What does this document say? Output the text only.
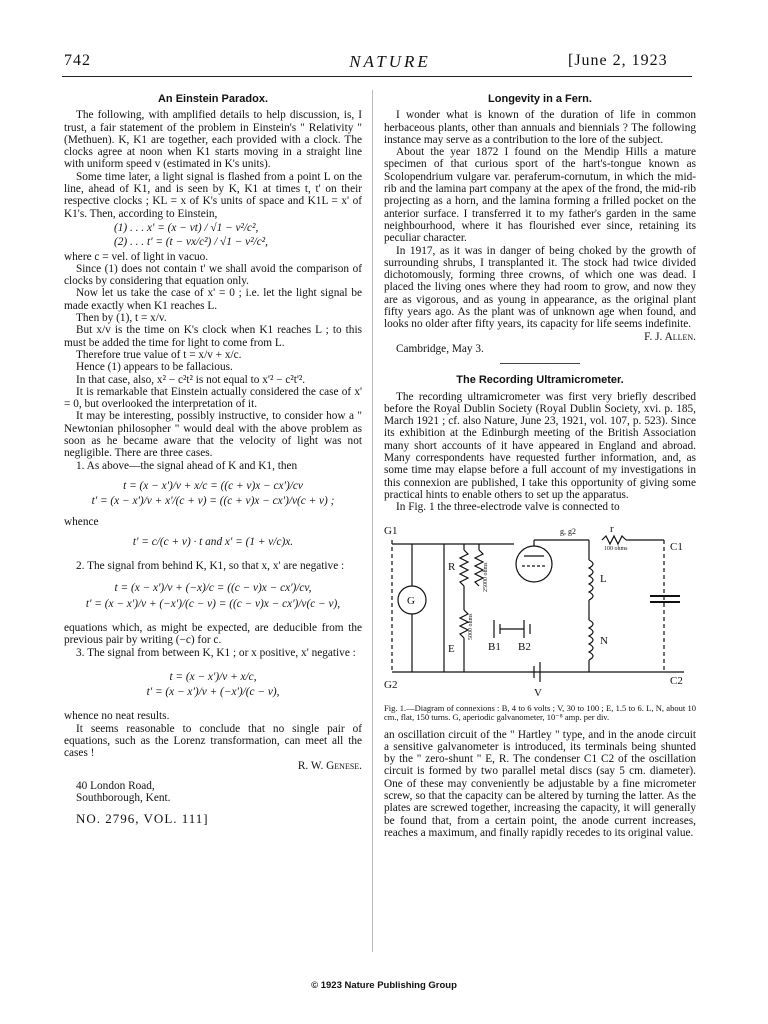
742	NATURE	[June 2, 1923
An Einstein Paradox.

The following, with amplified details to help discussion, is, I trust, a fair statement of the problem in Einstein's " Relativity " (Methuen). K, K1 are together, each provided with a clock. The clocks agree at noon when K1 starts moving in a straight line with uniform speed v (estimated in K's units).

Some time later, a light signal is flashed from a point L on the line, ahead of K1, and is seen by K, K1 at times t, t' on their respective clocks ; KL = x of K's units of space and K1L = x' of K1's. Then, according to Einstein,

(1) . . . x' = (x − vt) / √1 − v²/c²,
(2) . . . t' = (t − vx/c²) / √1 − v²/c²,

where c = vel. of light in vacuo.

Since (1) does not contain t' we shall avoid the comparison of clocks by considering that equation only.

Now let us take the case of x' = 0 ; i.e. let the light signal be made exactly when K1 reaches L.

Then by (1), t = x/v.

But x/v is the time on K's clock when K1 reaches L ; to this must be added the time for light to come from L.

Therefore true value of t = x/v + x/c.

Hence (1) appears to be fallacious.

In that case, also, x² − c²t² is not equal to x'² − c²t'².

It is remarkable that Einstein actually considered the case of x' = 0, but overlooked the interpretation of it.

It may be interesting, possibly instructive, to consider how a " Newtonian philosopher " would deal with the above problem as soon as he became aware that the velocity of light was not negligible. There are three cases.

1. As above—the signal ahead of K and K1, then

t = (x − x')/v + x/c = ((c + v)x − cx')/cv
t' = (x − x')/v + x'/(c + v) = ((c + v)x − cx')/v(c + v) ;

whence

t' = c/(c + v) · t and x' = (1 + v/c)x.

2. The signal from behind K, K1, so that x, x' are negative :

t = (x − x')/v + (−x)/c = ((c − v)x − cx')/cv,
t' = (x − x')/v + (−x')/(c − v) = ((c − v)x − cx')/v(c − v),

equations which, as might be expected, are deducible from the previous pair by writing (−c) for c.

3. The signal from between K, K1 ; or x positive, x' negative :

t = (x − x')/v + x/c,
t' = (x − x')/v + (−x')/(c − v),

whence no neat results.

It seems reasonable to conclude that no single pair of equations, such as the Lorenz transformation, can meet all the cases !

R. W. Genese.

40 London Road,
Southborough, Kent.
NO. 2796, VOL. 111]
Longevity in a Fern.

I wonder what is known of the duration of life in common herbaceous plants, other than annuals and biennials ? The following instance may serve as a contribution to the lore of the subject.

About the year 1872 I found on the Mendip Hills a mature specimen of that curious sport of the hart's-tongue known as Scolopendrium vulgare var. peraferum-cornutum, in which the mid-rib and the lamina part company at the apex of the frond, the mid-rib projecting as a horn, and the lamina forming a frilled pocket on the anterior surface. I transferred it to my father's garden in the same neighbourhood, where it has flourished ever since, retaining its peculiar character.

In 1917, as it was in danger of being choked by the growth of surrounding shrubs, I transplanted it. The stock had twice divided dichotomously, forming three crowns, of which one was dead. I placed the living ones where they had room to grow, and now they are as vigorous, and as young in appearance, as the original plant fifty years ago. As the plant was of unknown age when found, and looks no older after fifty years, its capacity for life seems indefinite.

F. J. Allen.

Cambridge, May 3.

The Recording Ultramicrometer.

The recording ultramicrometer was first very briefly described before the Royal Dublin Society (Royal Dublin Society, xvi. p. 185, March 1921 ; cf. also Nature, June 23, 1921, vol. 107, p. 523). Since its exhibition at the Edinburgh meeting of the British Association many short accounts of it have appeared in England and abroad. Many correspondents have requested further information, and, as some time may elapse before a full account of my investigations in this connexion are published, I take this opportunity of giving some practical hints to enable others to set up the apparatus.

In Fig. 1 the three-electrode valve is connected to

G1
G2
G
R
E	B1 B2
L
N
C1
C2
V
r
g, g2
100 ohms
5000 ohms
25000 ohms
Fig. 1.—Diagram of connexions : B, 4 to 6 volts ; V, 30 to 100 ; E, 1.5 to 6. L, N, about 10 cm., flat, 150 turns. G, aperiodic galvanometer, 10⁻⁸ amp. per div.

an oscillation circuit of the " Hartley " type, and in the anode circuit a sensitive galvanometer is introduced, its terminals being shunted by the " zero-shunt " E, R. The condenser C1 C2 of the oscillation circuit is formed by two parallel metal discs (say 5 cm. diameter). One of these may conveniently be adjustable by a fine micrometer screw, so that the capacity can be altered by turning the latter. As the plates are screwed together, increasing the capacity, it will generally be found that, from a certain point, the anode current increases, reaches a maximum, and finally rapidly recedes to its original value.

© 1923 Nature Publishing Group
